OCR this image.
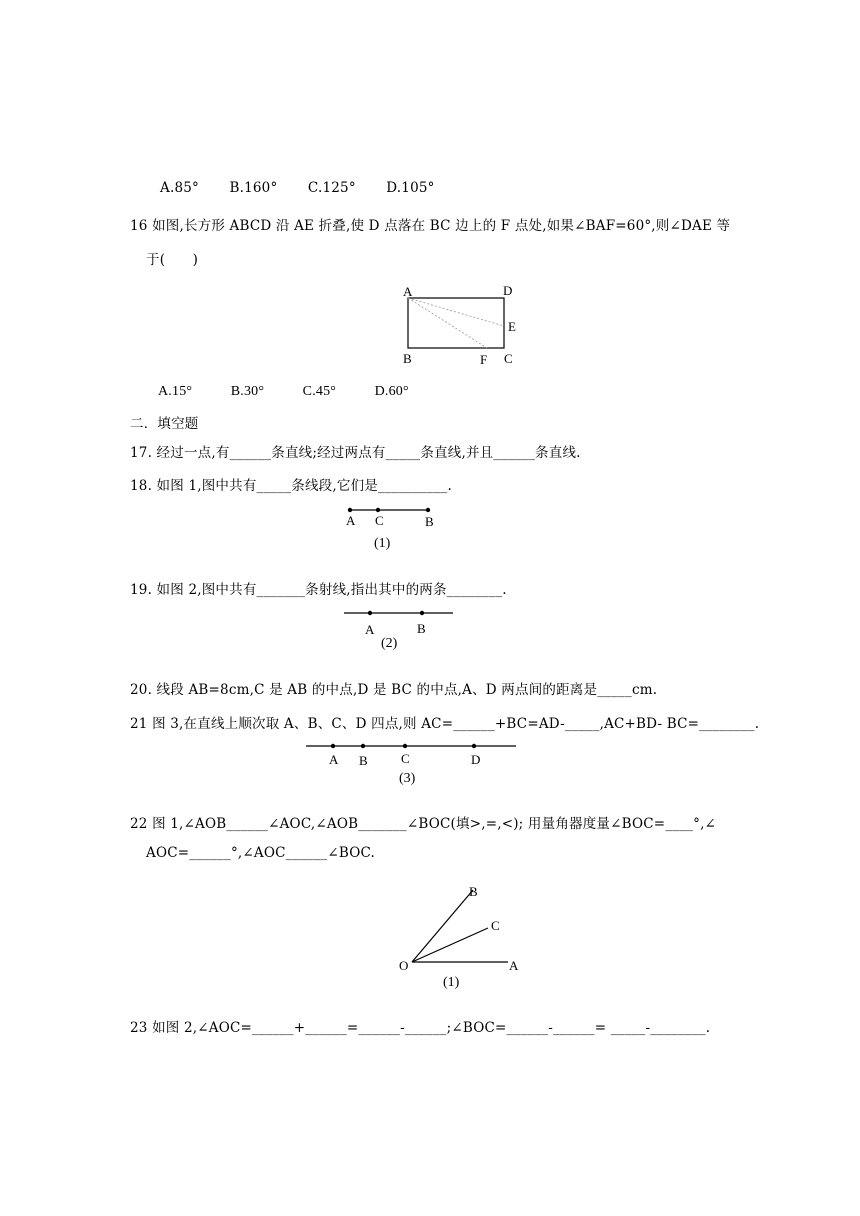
A.85° B.160° C.125° D.105°
16 如图,长方形 ABCD 沿 AE 折叠,使 D 点落在 BC 边上的 F 点处,如果∠BAF=60°,则∠DAE 等
于(　　)
A	D
E
B	F C
A.15°	B.30°	C.45°	D.60°
二．填空题
17. 经过一点,有______条直线;经过两点有_____条直线,并且______条直线.
18. 如图 1,图中共有_____条线段,它们是__________.
A C	B
(1)
19. 如图 2,图中共有_______条射线,指出其中的两条________.
A	B
(2)
20. 线段 AB=8cm,C 是 AB 的中点,D 是 BC 的中点,A、D 两点间的距离是_____cm.
21 图 3,在直线上顺次取 A、B、C、D 四点,则 AC=______+BC=AD-_____,AC+BD- BC=________.
A B	C	D
(3)
22 图 1,∠AOB______∠AOC,∠AOB_______∠BOC(填>,=,<); 用量角器度量∠BOC=____°,∠
AOC=______°,∠AOC______∠BOC.
B
C
O	A
(1)
23 如图 2,∠AOC=______+______=______-______;∠BOC=______-______= _____-________.
